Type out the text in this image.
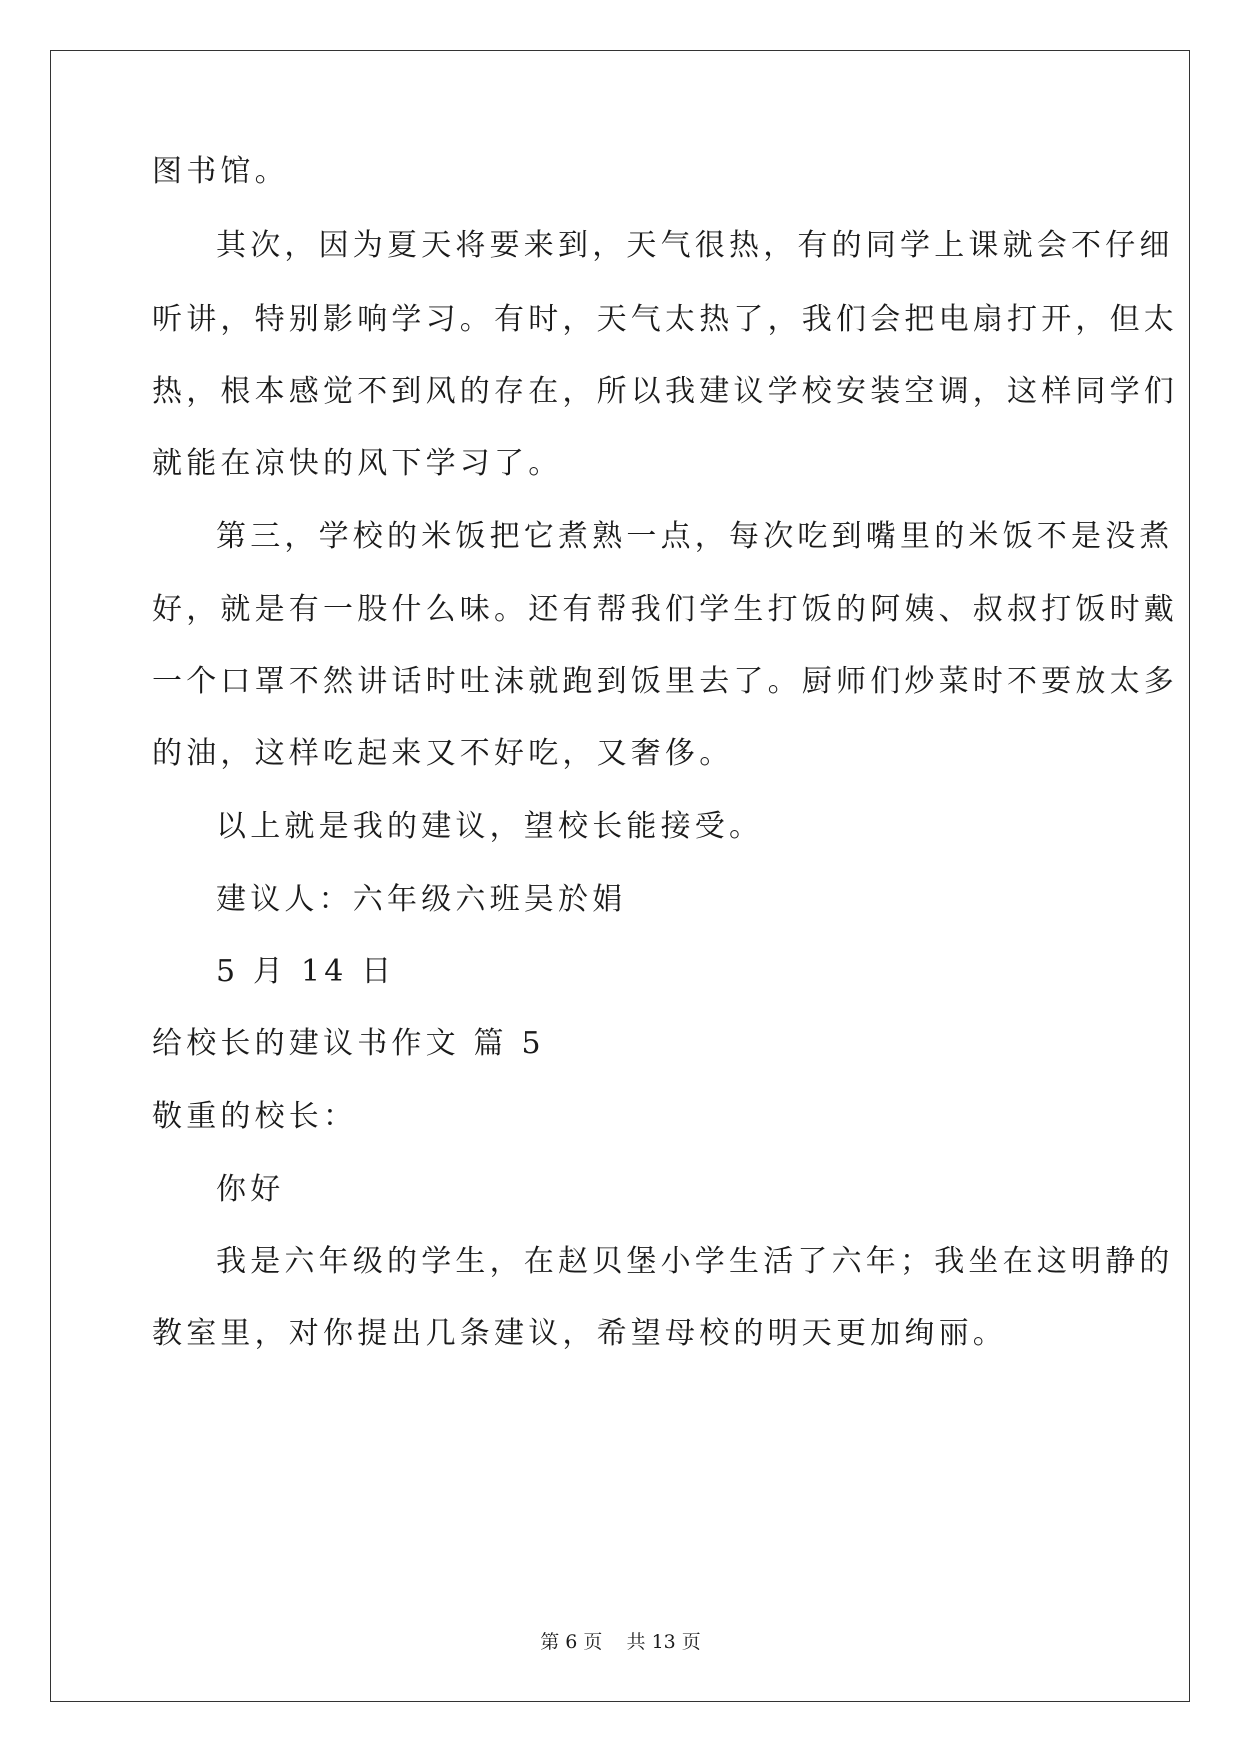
图书馆。
其次，因为夏天将要来到，天气很热，有的同学上课就会不仔细
听讲，特别影响学习。有时，天气太热了，我们会把电扇打开，但太
热，根本感觉不到风的存在，所以我建议学校安装空调，这样同学们
就能在凉快的风下学习了。
第三，学校的米饭把它煮熟一点，每次吃到嘴里的米饭不是没煮
好，就是有一股什么味。还有帮我们学生打饭的阿姨、叔叔打饭时戴
一个口罩不然讲话时吐沫就跑到饭里去了。厨师们炒菜时不要放太多
的油，这样吃起来又不好吃，又奢侈。
以上就是我的建议，望校长能接受。
建议人：六年级六班吴於娟
5 月 14 日
给校长的建议书作文 篇 5
敬重的校长：
你好
我是六年级的学生，在赵贝堡小学生活了六年；我坐在这明静的
教室里，对你提出几条建议，希望母校的明天更加绚丽。
第 6 页    共 13 页
